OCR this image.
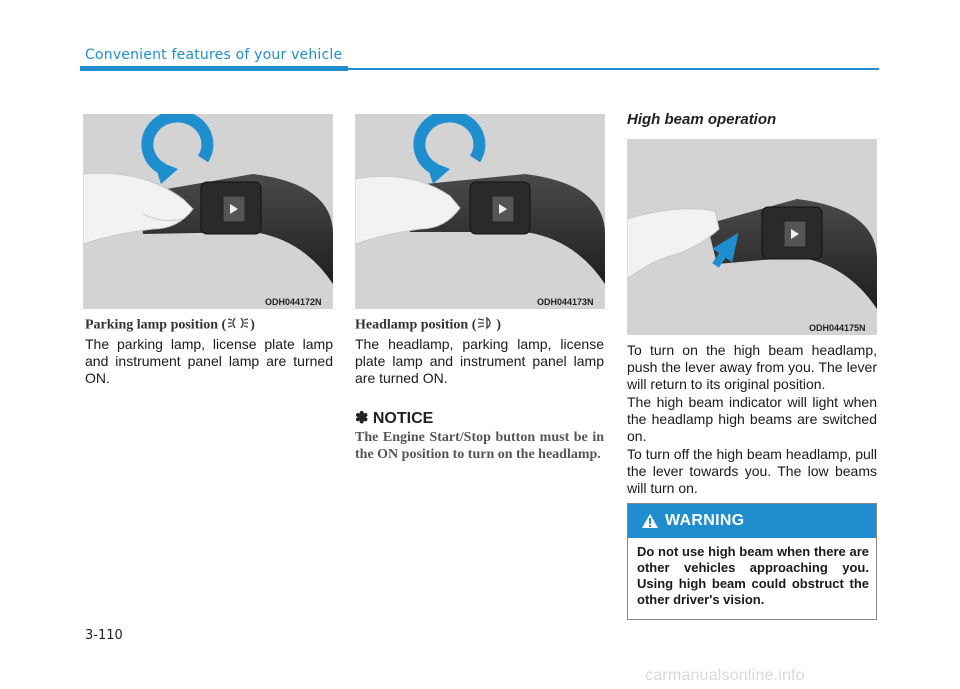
Convenient features of your vehicle
ODH044172N	ODH044173N
ODH044175N
Parking lamp position ( )
The parking lamp, license plate lamp and instrument panel lamp are turned ON.
Headlamp position ( )
The headlamp, parking lamp, license plate lamp and instrument panel lamp are turned ON.
✽ NOTICE
The Engine Start/Stop button must be in the ON position to turn on the headlamp.
High beam operation
To turn on the high beam headlamp, push the lever away from you. The lever will return to its original position.
The high beam indicator will light when the headlamp high beams are switched on.
To turn off the high beam headlamp, pull the lever towards you. The low beams will turn on.
WARNING
Do not use high beam when there are other vehicles approaching you. Using high beam could obstruct the other driver's vision.
3-110
carmanualsonline.info
